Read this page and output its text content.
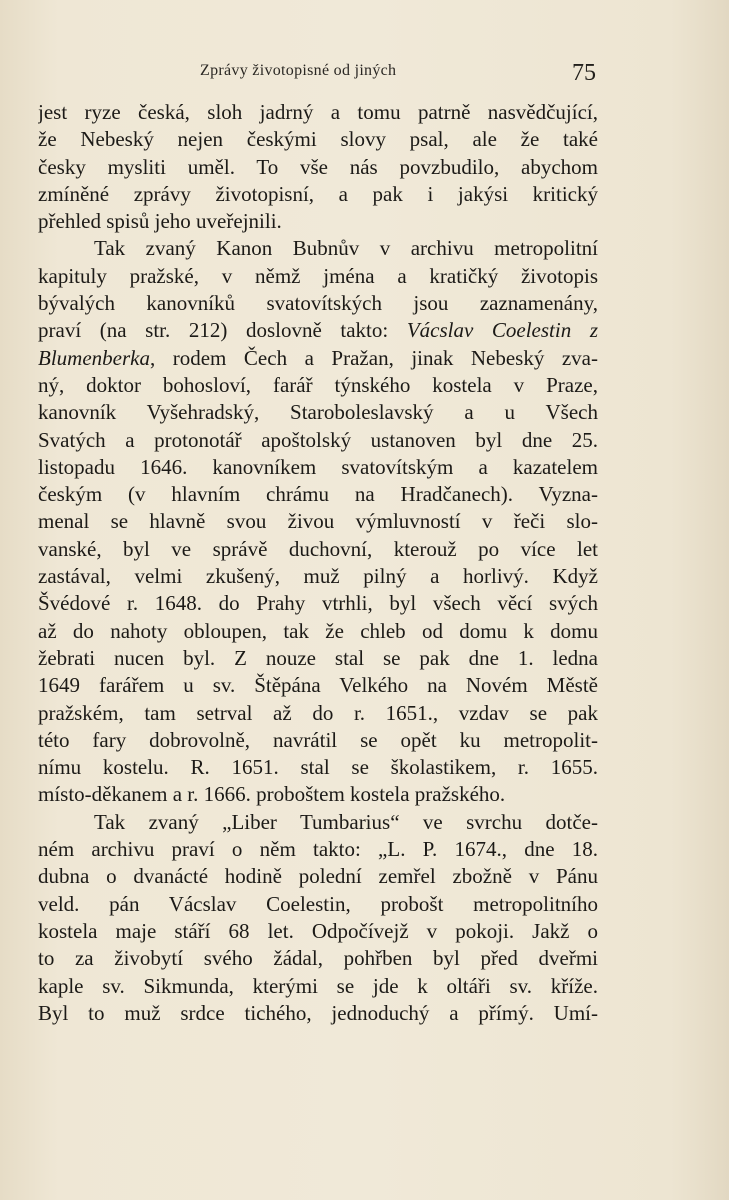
Zprávy životopisné od jiných	75
jest ryze česká, sloh jadrný a tomu patrně nasvědčující,
že Nebeský nejen českými slovy psal, ale že také
česky mysliti uměl. To vše nás povzbudilo, abychom
zmíněné zprávy životopisní, a pak i jakýsi kritický
přehled spisů jeho uveřejnili.
Tak zvaný Kanon Bubnův v archivu metropolitní
kapituly pražské, v němž jména a kratičký životopis
bývalých kanovníků svatovítských jsou zaznamenány,
praví (na str. 212) doslovně takto: Vácslav Coelestin z
Blumenberka, rodem Čech a Pražan, jinak Nebeský zva-
ný, doktor bohosloví, farář týnského kostela v Praze,
kanovník Vyšehradský, Staroboleslavský a u Všech
Svatých a protonotář apoštolský ustanoven byl dne 25.
listopadu 1646. kanovníkem svatovítským a kazatelem
českým (v hlavním chrámu na Hradčanech). Vyzna-
menal se hlavně svou živou výmluvností v řeči slo-
vanské, byl ve správě duchovní, kterouž po více let
zastával, velmi zkušený, muž pilný a horlivý. Když
Švédové r. 1648. do Prahy vtrhli, byl všech věcí svých
až do nahoty obloupen, tak že chleb od domu k domu
žebrati nucen byl. Z nouze stal se pak dne 1. ledna
1649 farářem u sv. Štěpána Velkého na Novém Městě
pražském, tam setrval až do r. 1651., vzdav se pak
této fary dobrovolně, navrátil se opět ku metropolit-
nímu kostelu. R. 1651. stal se školastikem, r. 1655.
místo-děkanem a r. 1666. proboštem kostela pražského.
Tak zvaný „Liber Tumbarius“ ve svrchu dotče-
ném archivu praví o něm takto: „L. P. 1674., dne 18.
dubna o dvanácté hodině polední zemřel zbožně v Pánu
veld. pán Vácslav Coelestin, probošt metropolitního
kostela maje stáří 68 let. Odpočívejž v pokoji. Jakž o
to za živobytí svého žádal, pohřben byl před dveřmi
kaple sv. Sikmunda, kterými se jde k oltáři sv. kříže.
Byl to muž srdce tichého, jednoduchý a přímý. Umí-
